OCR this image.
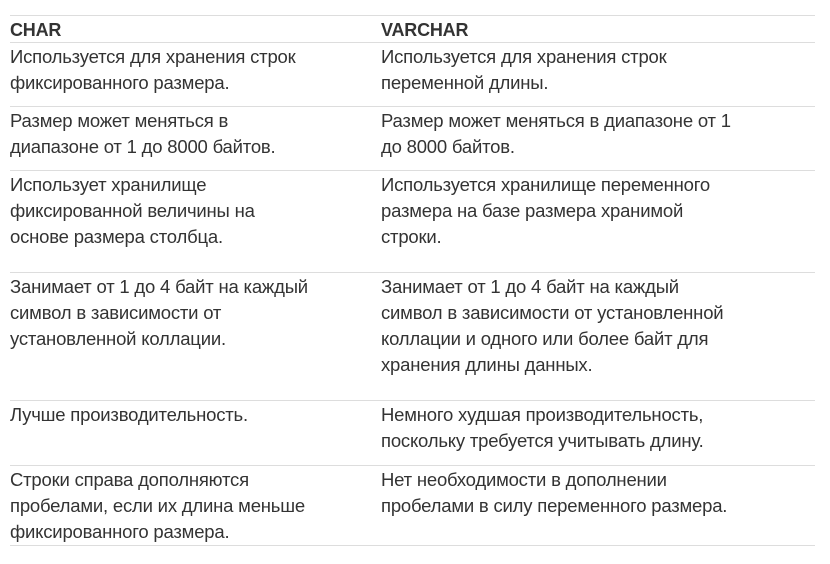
CHAR	VARCHAR
Используется для хранения строк
фиксированного размера.
Используется для хранения строк
переменной длины.
Размер может меняться в
диапазоне от 1 до 8000 байтов.
Размер может меняться в диапазоне от 1
до 8000 байтов.
Использует хранилище
фиксированной величины на
основе размера столбца.
Используется хранилище переменного
размера на базе размера хранимой
строки.
Занимает от 1 до 4 байт на каждый
символ в зависимости от
установленной коллации.
Занимает от 1 до 4 байт на каждый
символ в зависимости от установленной
коллации и одного или более байт для
хранения длины данных.
Лучше производительность.	Немного худшая производительность,
поскольку требуется учитывать длину.
Строки справа дополняются
пробелами, если их длина меньше
фиксированного размера.
Нет необходимости в дополнении
пробелами в силу переменного размера.
